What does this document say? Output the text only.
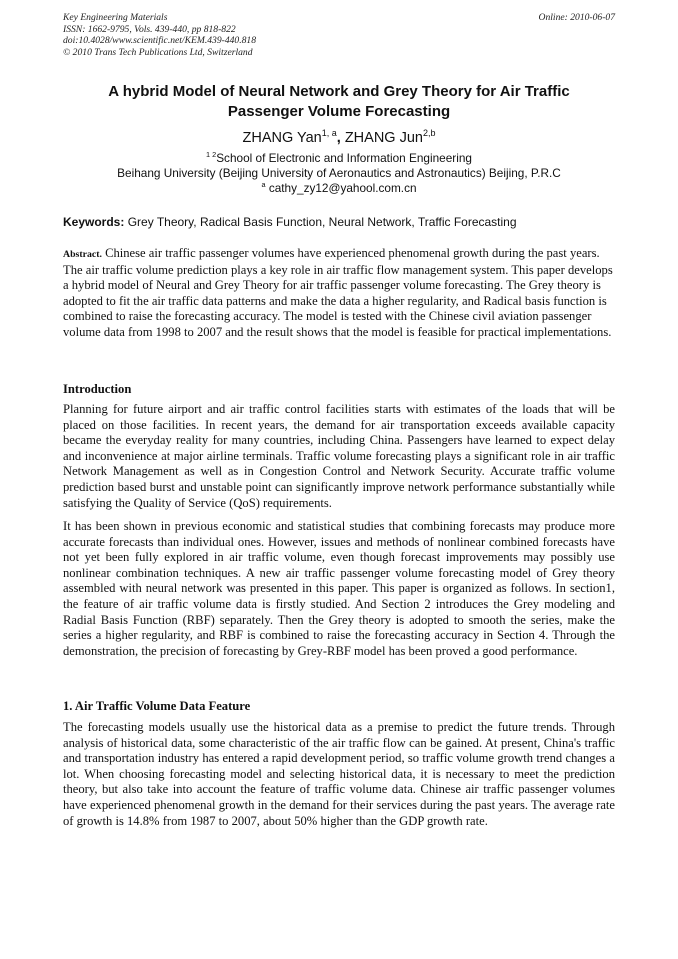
Key Engineering Materials
ISSN: 1662-9795, Vols. 439-440, pp 818-822
doi:10.4028/www.scientific.net/KEM.439-440.818
© 2010 Trans Tech Publications Ltd, Switzerland
Online: 2010-06-07
A hybrid Model of Neural Network and Grey Theory for Air Traffic
Passenger Volume Forecasting
ZHANG Yan$^{1, a}$, ZHANG Jun$^{2,b}$
$^{1 2}$School of Electronic and Information Engineering
Beihang University (Beijing University of Aeronautics and Astronautics) Beijing, P.R.C
$^a$ cathy_zy12@yahool.com.cn
Keywords: Grey Theory, Radical Basis Function, Neural Network, Traffic Forecasting
Abstract. Chinese air traffic passenger volumes have experienced phenomenal growth during the past years. The air traffic volume prediction plays a key role in air traffic flow management system. This paper develops a hybrid model of Neural and Grey Theory for air traffic passenger volume forecasting. The Grey theory is adopted to fit the air traffic data patterns and make the data a higher regularity, and Radical basis function is combined to raise the forecasting accuracy. The model is tested with the Chinese civil aviation passenger volume data from 1998 to 2007 and the result shows that the model is feasible for practical implementations.
Introduction

Planning for future airport and air traffic control facilities starts with estimates of the loads that will be placed on those facilities. In recent years, the demand for air transportation exceeds available capacity became the everyday reality for many countries, including China. Passengers have learned to expect delay and inconvenience at major airline terminals. Traffic volume forecasting plays a significant role in air traffic Network Management as well as in Congestion Control and Network Security. Accurate traffic volume prediction based burst and unstable point can significantly improve network performance substantially while satisfying the Quality of Service (QoS) requirements.

It has been shown in previous economic and statistical studies that combining forecasts may produce more accurate forecasts than individual ones. However, issues and methods of nonlinear combined forecasts have not yet been fully explored in air traffic volume, even though forecast improvements may possibly use nonlinear combination techniques. A new air traffic passenger volume forecasting model of Grey theory assembled with neural network was presented in this paper. This paper is organized as follows. In section1, the feature of air traffic volume data is firstly studied. And Section 2 introduces the Grey modeling and Radial Basis Function (RBF) separately. Then the Grey theory is adopted to smooth the series, make the series a higher regularity, and RBF is combined to raise the forecasting accuracy in Section 4. Through the demonstration, the precision of forecasting by Grey-RBF model has been proved a good performance.

1. Air Traffic Volume Data Feature

The forecasting models usually use the historical data as a premise to predict the future trends. Through analysis of historical data, some characteristic of the air traffic flow can be gained. At present, China's traffic and transportation industry has entered a rapid development period, so traffic volume growth trend changes a lot. When choosing forecasting model and selecting historical data, it is necessary to meet the prediction theory, but also take into account the feature of traffic volume data. Chinese air traffic passenger volumes have experienced phenomenal growth in the demand for their services during the past years. The average rate of growth is 14.8% from 1987 to 2007, about 50% higher than the GDP growth rate.
